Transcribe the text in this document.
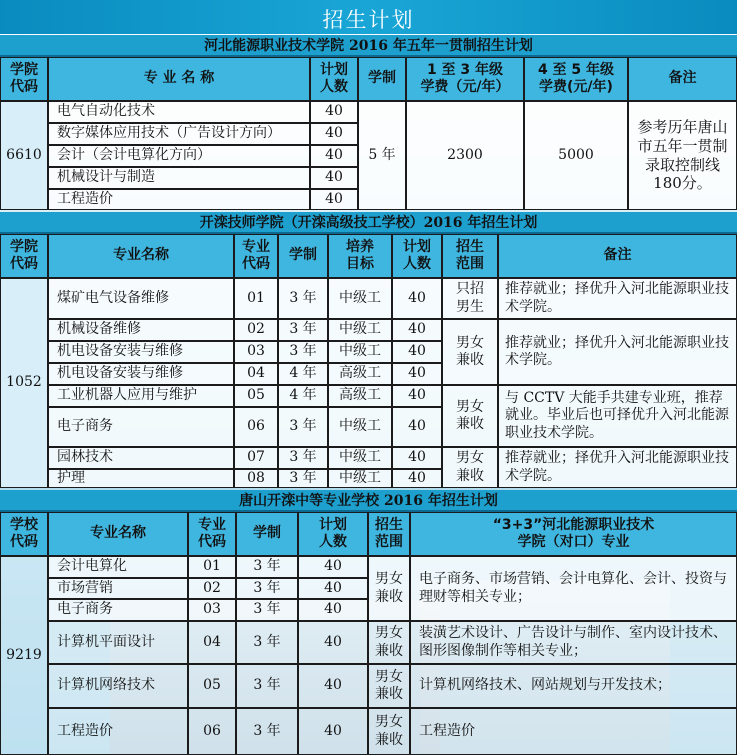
招生计划
河北能源职业技术学院 2016 年五年一贯制招生计划
学院
代码
专 业 名 称
计划
人数
学制
1 至 3 年级
学费（元/年）
4 至 5 年级
学费(元/年)
备注
6610
电气自动化技术
数字媒体应用技术（广告设计方向）
会计（会计电算化方向）
机械设计与制造
工程造价
40
40
40
40
40
5 年	2300	5000
参考历年唐山市五年一贯制录取控制线180分。
开滦技师学院（开滦高级技工学校）2016 年招生计划
学院
代码
专业名称
专业
代码
学制
培养
目标
计划
人数
招生
范围
备注
1052
煤矿电气设备维修
机械设备维修
机电设备安装与维修
机电设备安装与维修
工业机器人应用与维护
电子商务
园林技术
护理
01
02
03
04
05
06
07
08
3 年
3 年
3 年
4 年
4 年
3 年
3 年
3 年
中级工
中级工
中级工
高级工
高级工
中级工
中级工
中级工
40
40
40
40
40
40
40
40
只招
男生
男女
兼收
男女
兼收
男女
兼收
推荐就业；择优升入河北能源职业技术学院。
推荐就业；择优升入河北能源职业技术学院。
与 CCTV 大能手共建专业班，推荐就业。毕业后也可择优升入河北能源职业技术学院。
推荐就业；择优升入河北能源职业技术学院。
唐山开滦中等专业学校 2016 年招生计划
学校
代码
专业名称
专业
代码
学制
计划
人数
招生
范围
“3+3”河北能源职业技术
学院（对口）专业
9219
会计电算化
市场营销
电子商务
计算机平面设计
计算机网络技术
工程造价
01
02
03
04
05
06
3 年
3 年
3 年
3 年
3 年
3 年
40
40
40
40
40
40
男女
兼收
男女
兼收
男女
兼收
男女
兼收
电子商务、市场营销、会计电算化、会计、投资与理财等相关专业；
装潢艺术设计、广告设计与制作、室内设计技术、图形图像制作等相关专业；
计算机网络技术、网站规划与开发技术；
工程造价
